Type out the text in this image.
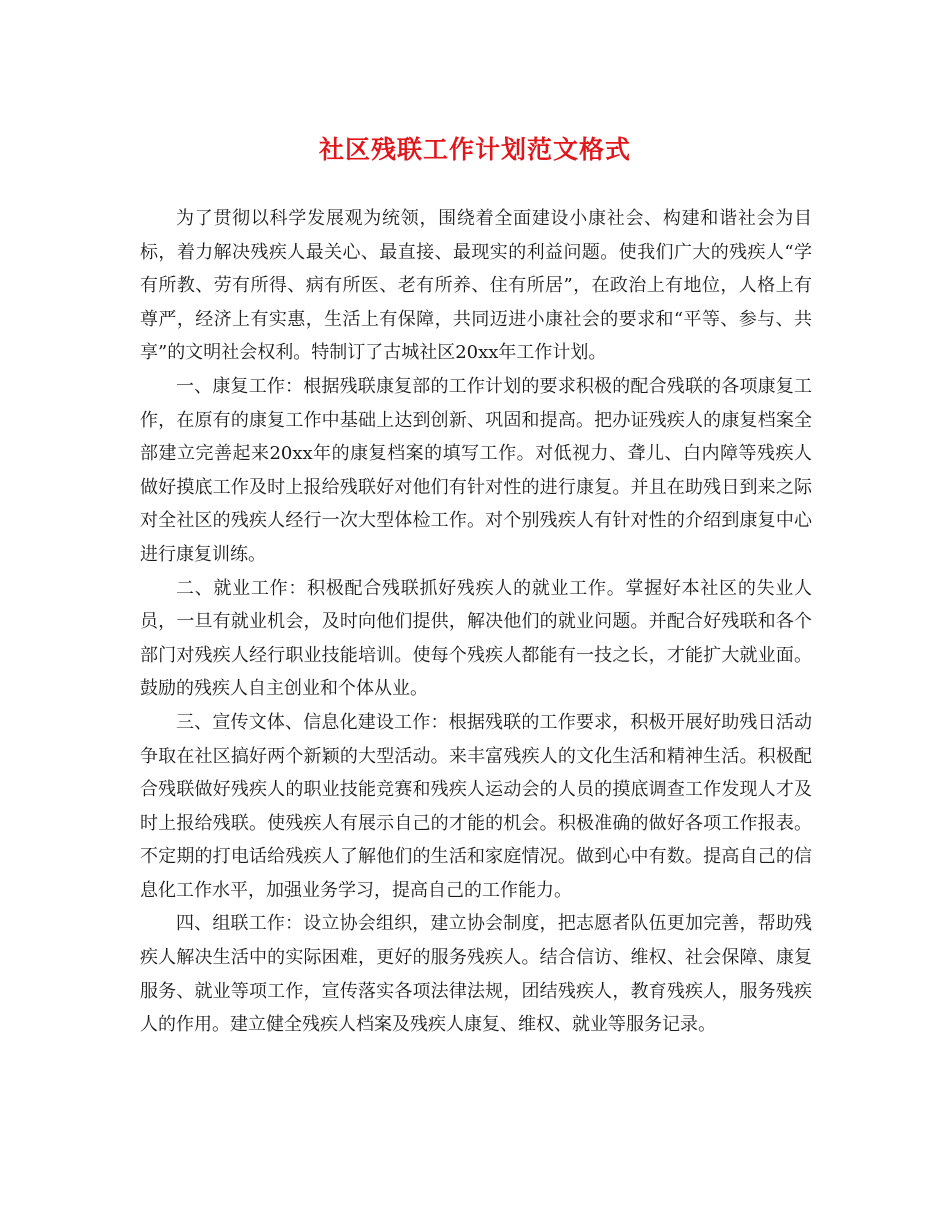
社区残联工作计划范文格式

为了贯彻以科学发展观为统领，围绕着全面建设小康社会、构建和谐社会为目标，着力解决残疾人最关心、最直接、最现实的利益问题。使我们广大的残疾人“学有所教、劳有所得、病有所医、老有所养、住有所居”，在政治上有地位，人格上有尊严，经济上有实惠，生活上有保障，共同迈进小康社会的要求和“平等、参与、共享”的文明社会权利。特制订了古城社区20xx年工作计划。

一、康复工作：根据残联康复部的工作计划的要求积极的配合残联的各项康复工作，在原有的康复工作中基础上达到创新、巩固和提高。把办证残疾人的康复档案全部建立完善起来20xx年的康复档案的填写工作。对低视力、聋儿、白内障等残疾人做好摸底工作及时上报给残联好对他们有针对性的进行康复。并且在助残日到来之际对全社区的残疾人经行一次大型体检工作。对个别残疾人有针对性的介绍到康复中心进行康复训练。

二、就业工作：积极配合残联抓好残疾人的就业工作。掌握好本社区的失业人员，一旦有就业机会，及时向他们提供，解决他们的就业问题。并配合好残联和各个部门对残疾人经行职业技能培训。使每个残疾人都能有一技之长，才能扩大就业面。鼓励的残疾人自主创业和个体从业。

三、宣传文体、信息化建设工作：根据残联的工作要求，积极开展好助残日活动争取在社区搞好两个新颖的大型活动。来丰富残疾人的文化生活和精神生活。积极配合残联做好残疾人的职业技能竞赛和残疾人运动会的人员的摸底调查工作发现人才及时上报给残联。使残疾人有展示自己的才能的机会。积极准确的做好各项工作报表。不定期的打电话给残疾人了解他们的生活和家庭情况。做到心中有数。提高自己的信息化工作水平，加强业务学习，提高自己的工作能力。

四、组联工作：设立协会组织，建立协会制度，把志愿者队伍更加完善，帮助残疾人解决生活中的实际困难，更好的服务残疾人。结合信访、维权、社会保障、康复服务、就业等项工作，宣传落实各项法律法规，团结残疾人，教育残疾人，服务残疾人的作用。建立健全残疾人档案及残疾人康复、维权、就业等服务记录。
